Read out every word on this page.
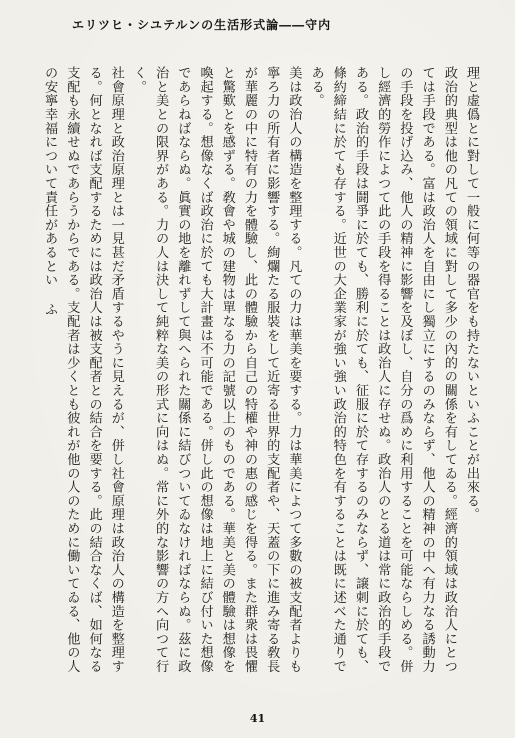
エリツヒ・シユテルンの生活形式論――守内

理と虚僞とに對して一般に何等の器官をも持たないといふことが出來る。

政治的典型は他の凡ての領域に對して多少の內的の關係を有してゐる。經濟的領域は政治人にとつては手段である。富は政治人を自由にし獨立にするのみならず、他人の精神の中へ有力なる誘動力の手段を投げ込み、他人の精神に影響を及ぼし、自分の爲めに利用することを可能ならしめる。併し經濟的勞作によつて此の手段を得ることは政治人に存せぬ。政治人のとる道は常に政治的手段である。政治的手段は鬪爭に於ても、勝利に於ても、征服に於て存するのみならず、譲刺に於ても、條約締結に於ても存する。近世の大企業家が強い強い政治的特色を有することは既に述べた通りである。

美は政治人の構造を整理する。凡ての力は華美を要する。力は華美によつて多數の被支配者よりも寧ろ力の所有者に影響する。絢爛たる服裝をして近寄る世界的支配者や、天蓋の下に進み寄る敎長が華麗の中に特有の力を體驗し、此の體驗から自己の特權や神の惠の感じを得る。また群衆は畏懼と驚歎とを感ずる。敎會や城の建物は單なる力の記號以上のものである。華美と美の體驗は想像を喚起する。想像なくば政治に於ても大計畫は不可能である。併し此の想像は地上に結び付いた想像であらねばならぬ。眞實の地を離れずして與へられた關係に結びついてゐなければならぬ。茲に政治と美との限界がある。力の人は決して純粹な美の形式に向はぬ。常に外的な影響の方へ向つて行く。

社會原理と政治原理とは一見甚だ矛盾するやうに見えるが、併し社會原理は政治人の構造を整理する。何となれば支配するためには政治人は被支配者との結合を要する。此の結合なくば、如何なる支配も永續せぬであらうからである。支配者は少くとも彼れが他の人のために働いてゐる、他の人の安寧幸福について責任があるとい ふ

41
